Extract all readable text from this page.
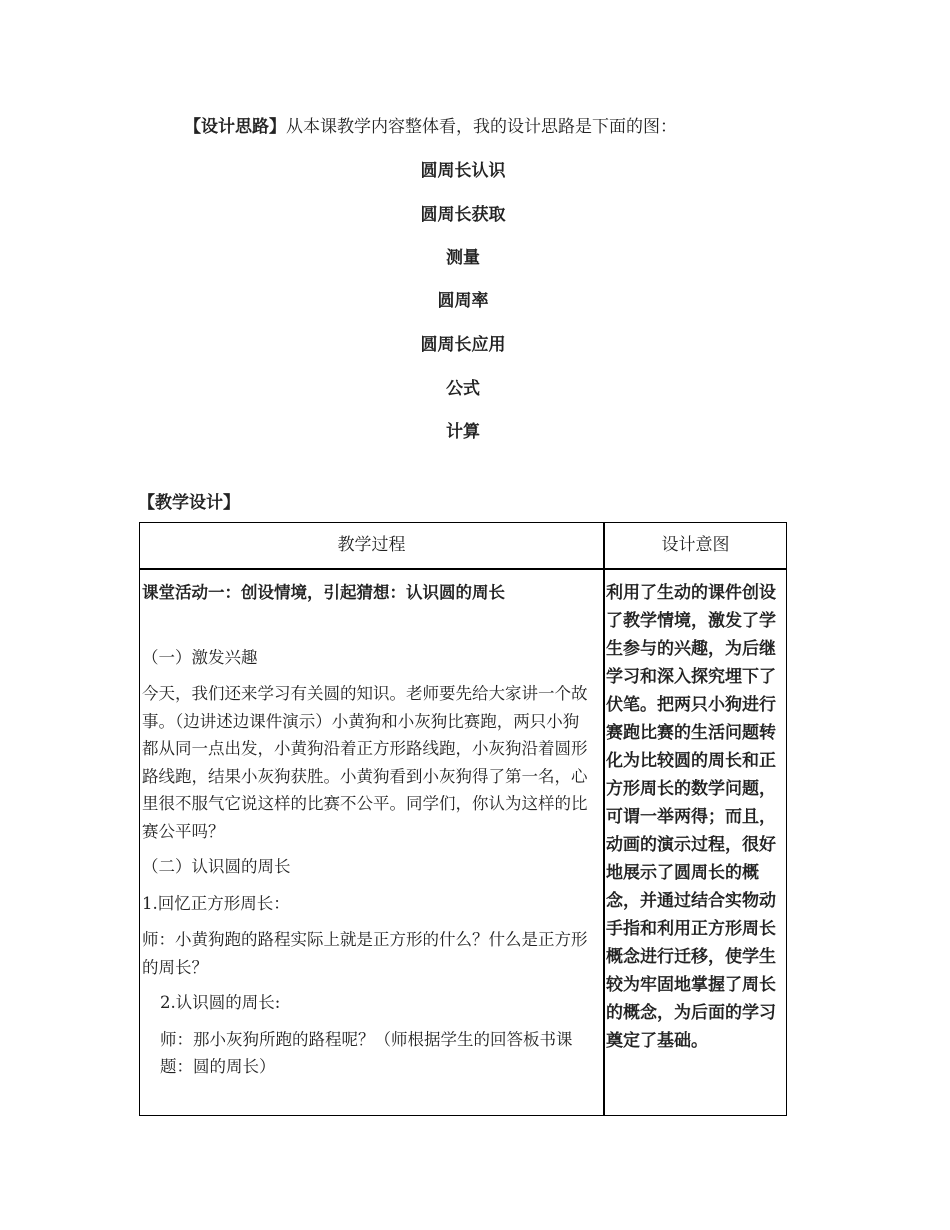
【设计思路】从本课教学内容整体看，我的设计思路是下面的图：
圆周长认识
圆周长获取
测量
圆周率
圆周长应用
公式
计算
【教学设计】
教学过程	设计意图

课堂活动一：创设情境，引起猜想：认识圆的周长

（一）激发兴趣

今天，我们还来学习有关圆的知识。老师要先给大家讲一个故事。（边讲述边课件演示）小黄狗和小灰狗比赛跑，两只小狗都从同一点出发，小黄狗沿着正方形路线跑，小灰狗沿着圆形路线跑，结果小灰狗获胜。小黄狗看到小灰狗得了第一名，心里很不服气它说这样的比赛不公平。同学们，你认为这样的比赛公平吗？

（二）认识圆的周长

1.回忆正方形周长：

师：小黄狗跑的路程实际上就是正方形的什么？什么是正方形的周长？

2.认识圆的周长:

师：那小灰狗所跑的路程呢？（师根据学生的回答板书课题：圆的周长）

利用了生动的课件创设了教学情境，激发了学生参与的兴趣，为后继学习和深入探究埋下了伏笔。把两只小狗进行赛跑比赛的生活问题转化为比较圆的周长和正方形周长的数学问题，可谓一举两得；而且，动画的演示过程，很好地展示了圆周长的概念，并通过结合实物动手指和利用正方形周长概念进行迁移，使学生较为牢固地掌握了周长的概念，为后面的学习奠定了基础。
